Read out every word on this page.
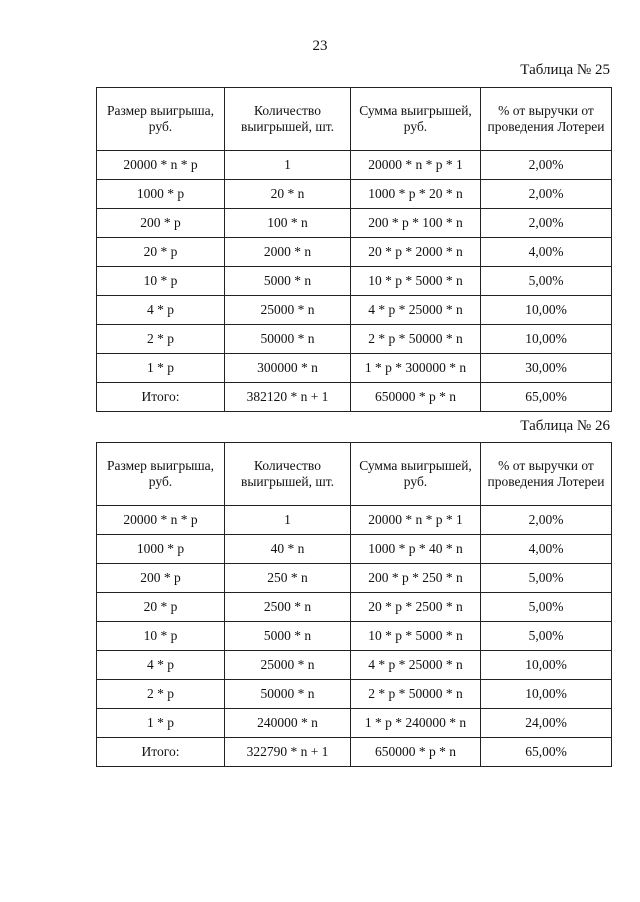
23
Таблица № 25
Размер выигрыша, руб.	Количество выигрышей, шт.	Сумма выигрышей, руб.	% от выручки от проведения Лотереи
20000 * n * p	1	20000 * n * p * 1	2,00%
1000 * p	20 * n	1000 * p * 20 * n	2,00%
200 * p	100 * n	200 * p * 100 * n	2,00%
20 * p	2000 * n	20 * p * 2000 * n	4,00%
10 * p	5000 * n	10 * p * 5000 * n	5,00%
4 * p	25000 * n	4 * p * 25000 * n	10,00%
2 * p	50000 * n	2 * p * 50000 * n	10,00%
1 * p	300000 * n	1 * p * 300000 * n	30,00%
Итого:	382120 * n + 1	650000 * p * n	65,00%
Таблица № 26
Размер выигрыша, руб.	Количество выигрышей, шт.	Сумма выигрышей, руб.	% от выручки от проведения Лотереи
20000 * n * p	1	20000 * n * p * 1	2,00%
1000 * p	40 * n	1000 * p * 40 * n	4,00%
200 * p	250 * n	200 * p * 250 * n	5,00%
20 * p	2500 * n	20 * p * 2500 * n	5,00%
10 * p	5000 * n	10 * p * 5000 * n	5,00%
4 * p	25000 * n	4 * p * 25000 * n	10,00%
2 * p	50000 * n	2 * p * 50000 * n	10,00%
1 * p	240000 * n	1 * p * 240000 * n	24,00%
Итого:	322790 * n + 1	650000 * p * n	65,00%
